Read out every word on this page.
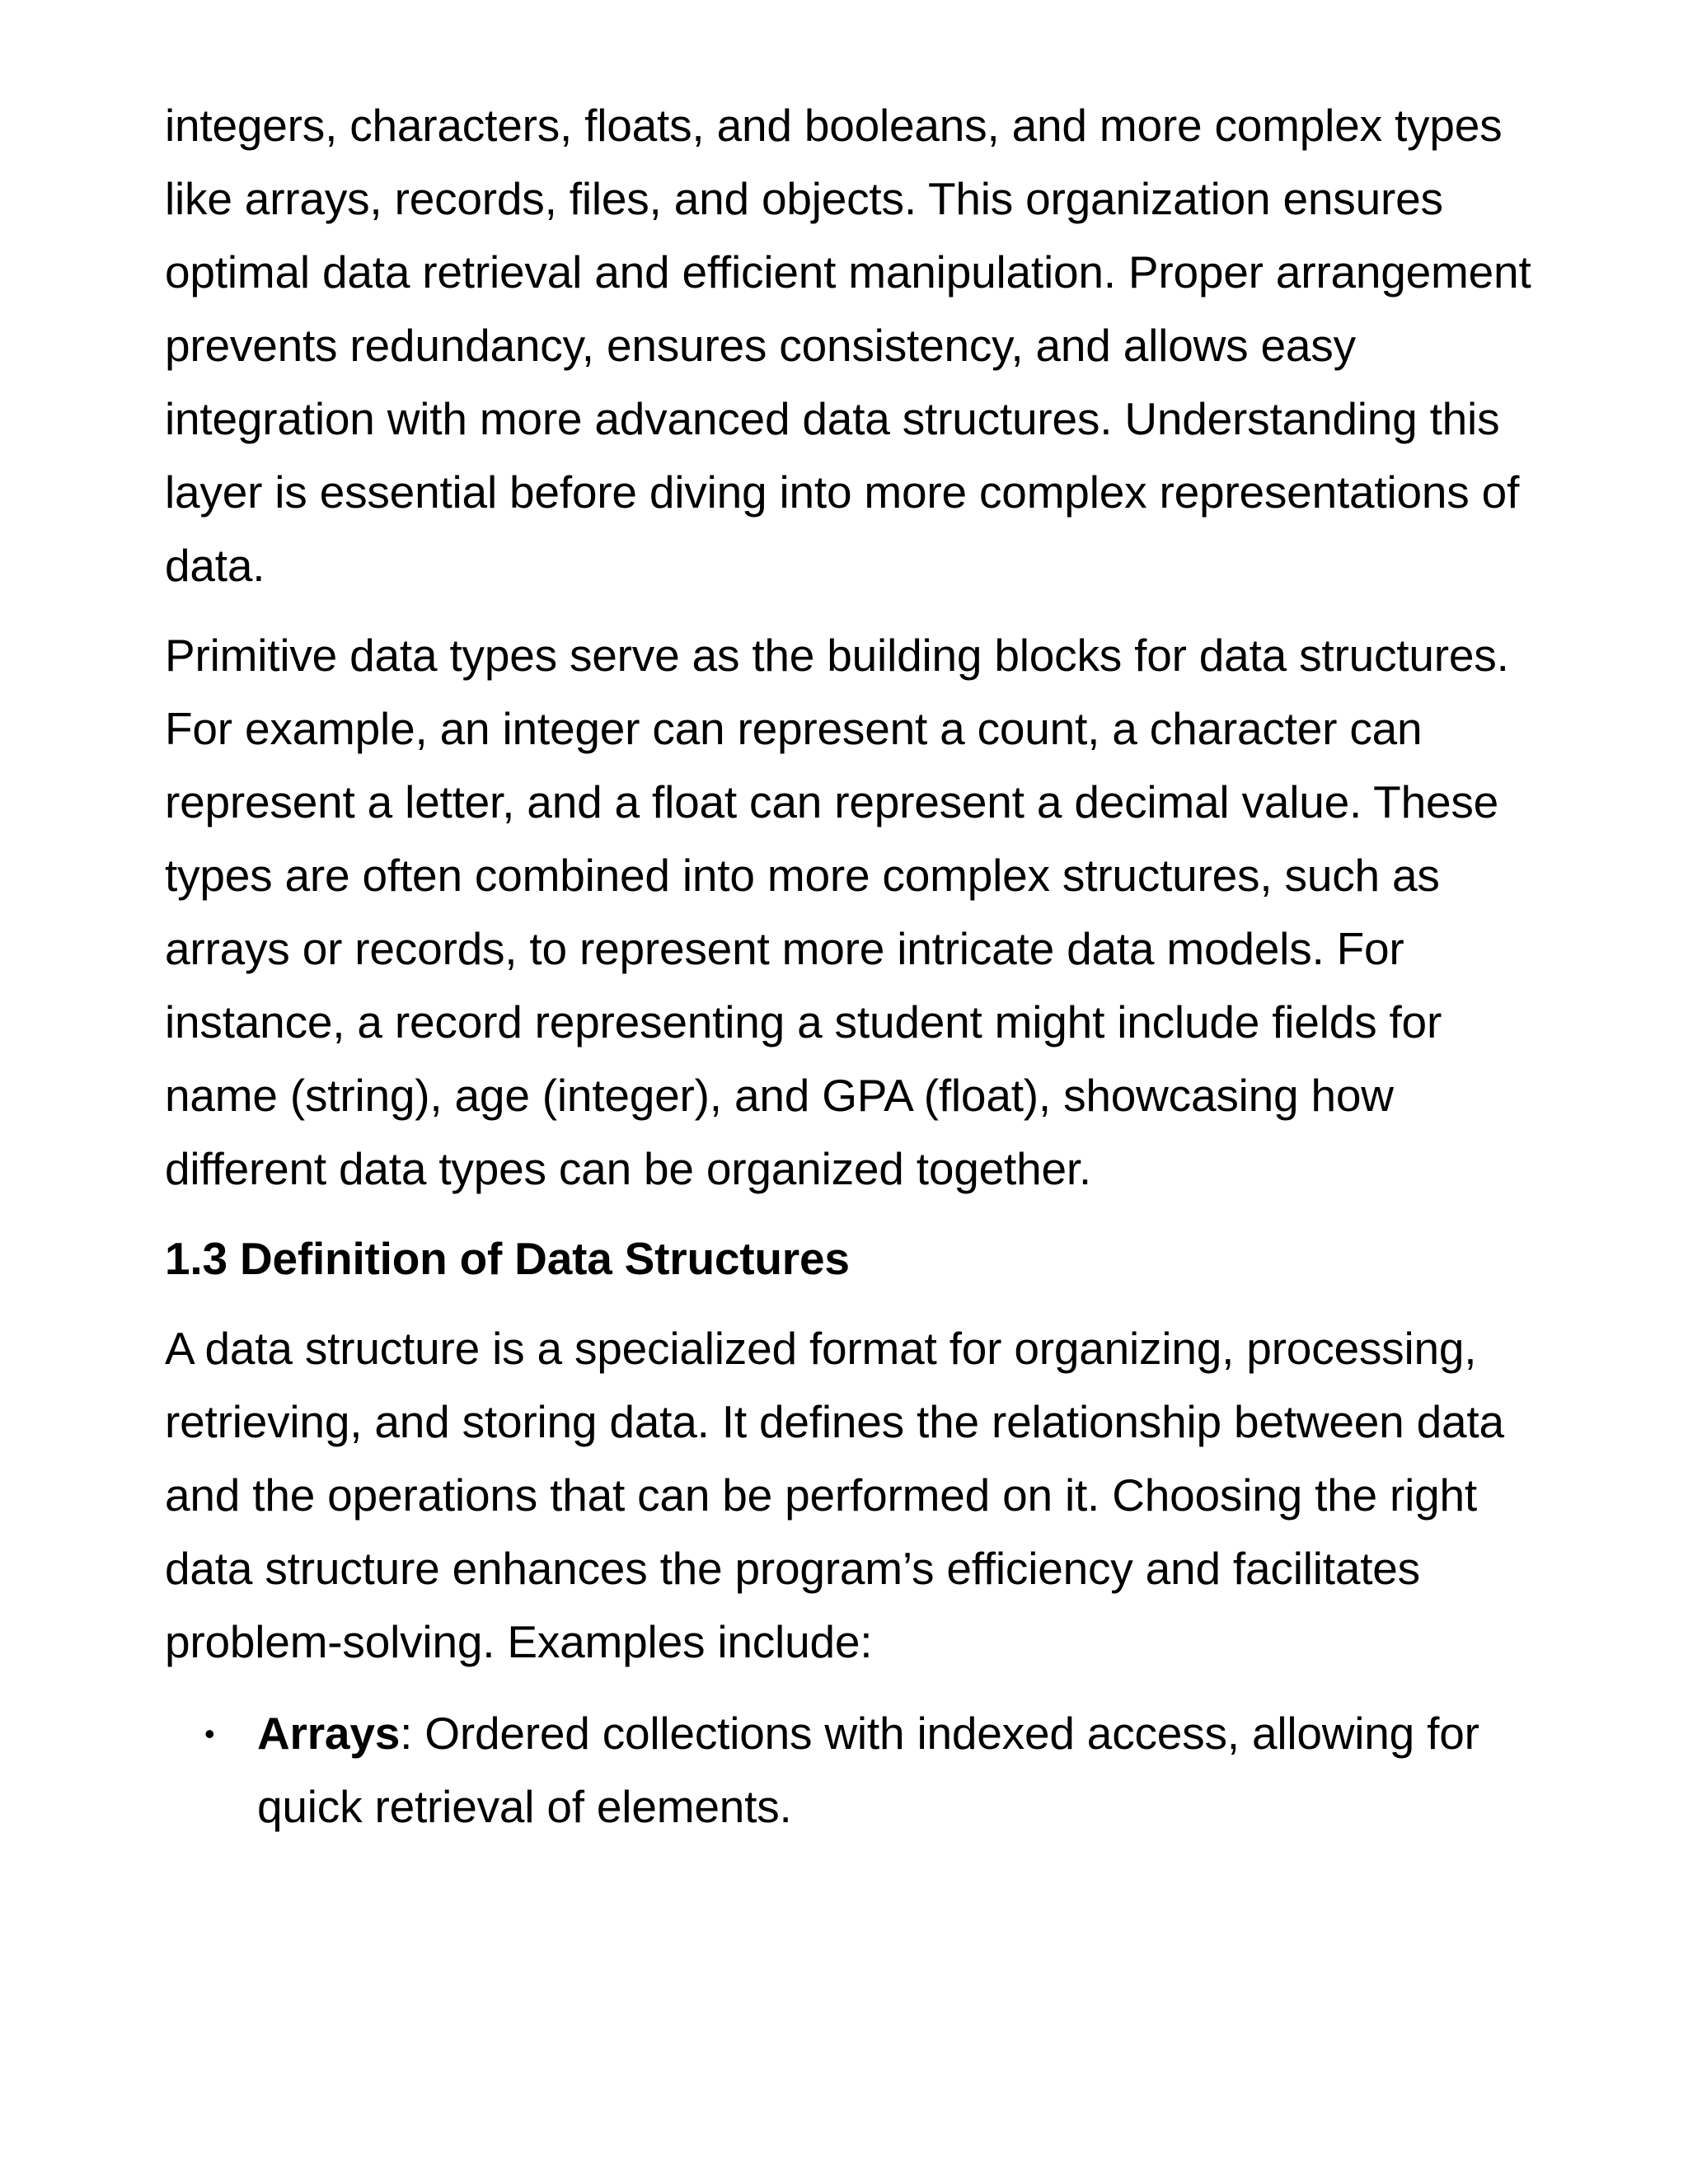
integers, characters, floats, and booleans, and more complex types like arrays, records, files, and objects. This organization ensures optimal data retrieval and efficient manipulation. Proper arrangement prevents redundancy, ensures consistency, and allows easy integration with more advanced data structures. Understanding this layer is essential before diving into more complex representations of data.

Primitive data types serve as the building blocks for data structures. For example, an integer can represent a count, a character can represent a letter, and a float can represent a decimal value. These types are often combined into more complex structures, such as arrays or records, to represent more intricate data models. For instance, a record representing a student might include fields for name (string), age (integer), and GPA (float), showcasing how different data types can be organized together.

1.3 Definition of Data Structures

A data structure is a specialized format for organizing, processing, retrieving, and storing data. It defines the relationship between data and the operations that can be performed on it. Choosing the right data structure enhances the program’s efficiency and facilitates problem-solving. Examples include:

• Arrays: Ordered collections with indexed access, allowing for quick retrieval of elements.
